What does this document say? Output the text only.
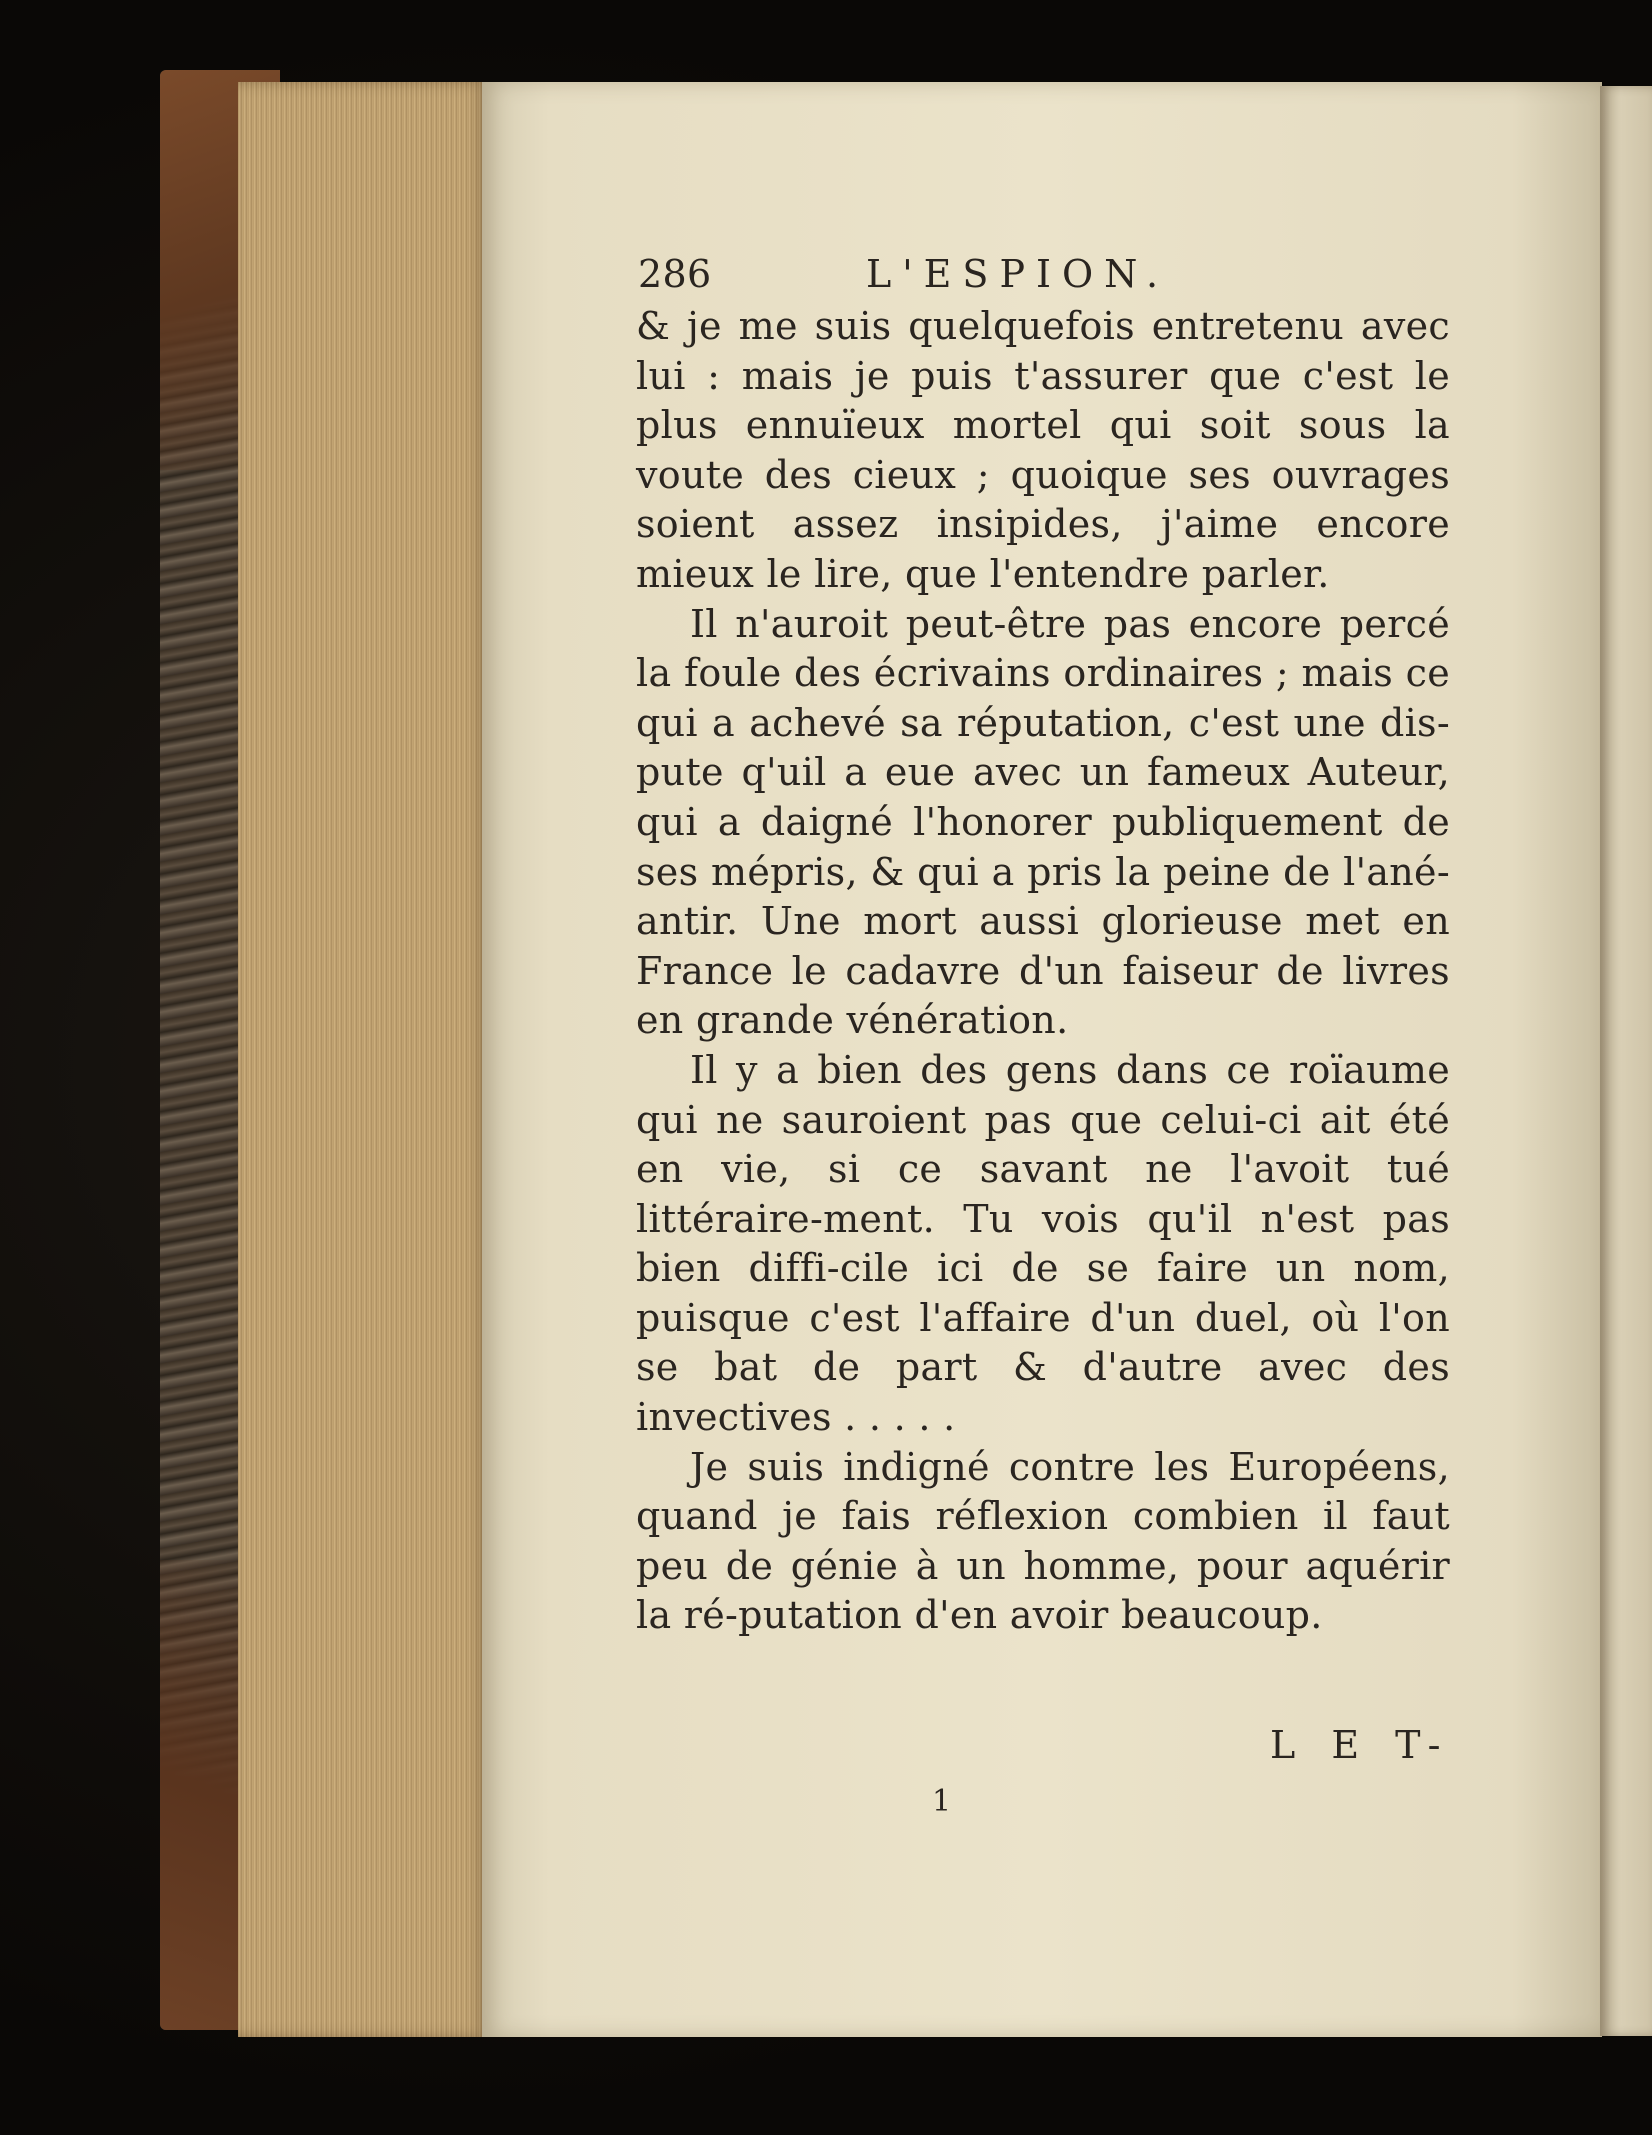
286	L'ESPION.

& je me suis quelquefois entretenu avec lui : mais je puis t'assurer que c'est le plus ennuïeux mortel qui soit sous la voute des cieux ; quoique ses ouvrages soient assez insipides, j'aime encore mieux le lire, que l'entendre parler.

Il n'auroit peut-être pas encore percé la foule des écrivains ordinaires ; mais ce qui a achevé sa réputation, c'est une dis-pute q'uil a eue avec un fameux Auteur, qui a daigné l'honorer publiquement de ses mépris, & qui a pris la peine de l'ané-antir. Une mort aussi glorieuse met en France le cadavre d'un faiseur de livres en grande vénération.

Il y a bien des gens dans ce roïaume qui ne sauroient pas que celui-ci ait été en vie, si ce savant ne l'avoit tué littéraire-ment. Tu vois qu'il n'est pas bien diffi-cile ici de se faire un nom, puisque c'est l'affaire d'un duel, où l'on se bat de part & d'autre avec des invectives . . . . .

Je suis indigné contre les Européens, quand je fais réflexion combien il faut peu de génie à un homme, pour aquérir la ré-putation d'en avoir beaucoup.

L E T-
1
